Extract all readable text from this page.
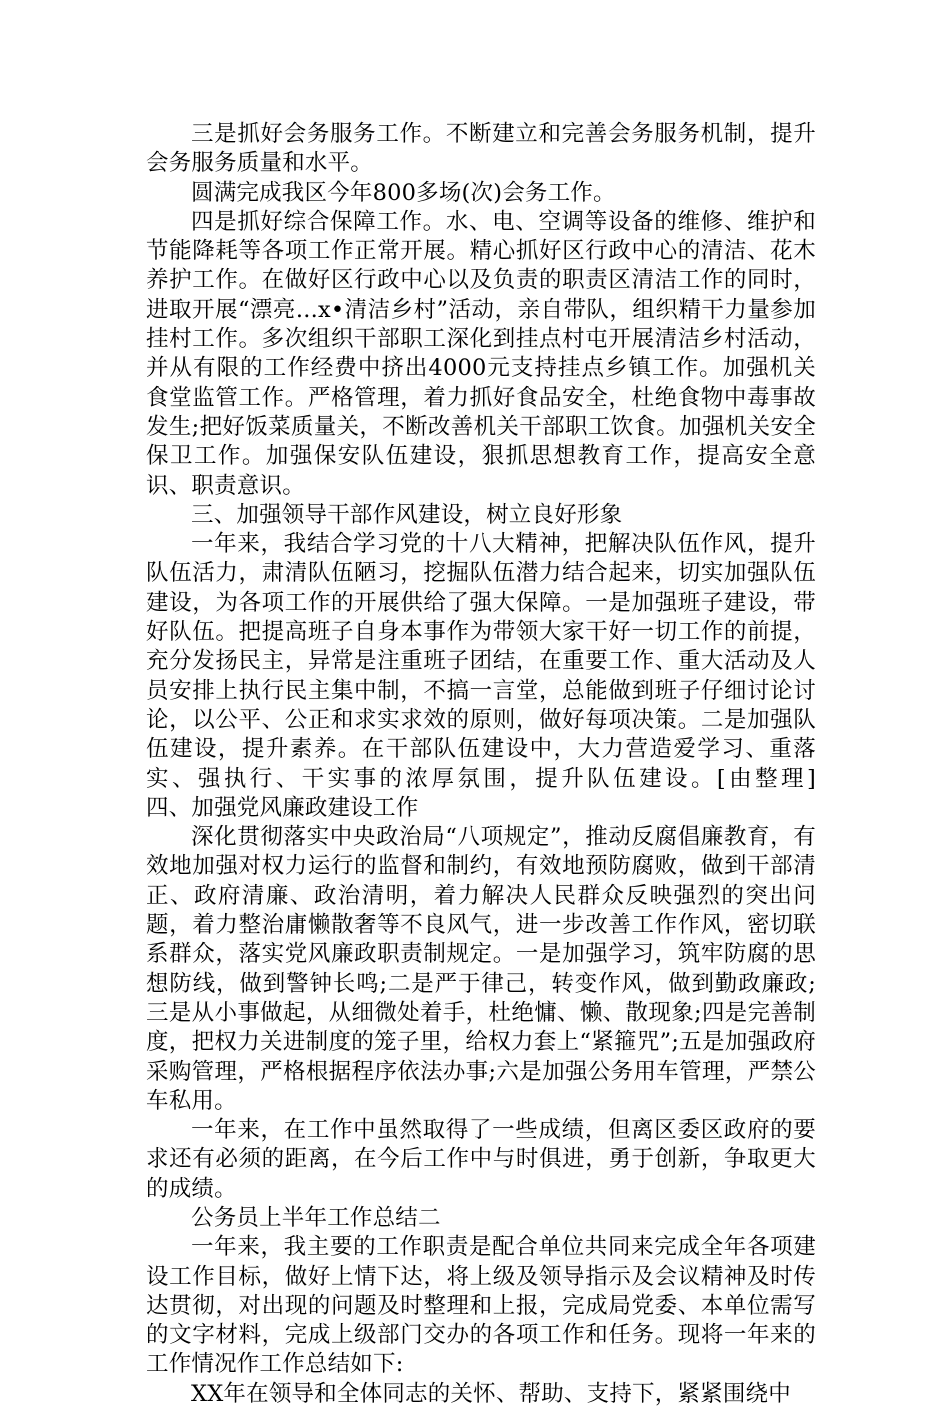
三是抓好会务服务工作。不断建立和完善会务服务机制，提升会务服务质量和水平。

圆满完成我区今年800多场(次)会务工作。

四是抓好综合保障工作。水、电、空调等设备的维修、维护和节能降耗等各项工作正常开展。精心抓好区行政中心的清洁、花木养护工作。在做好区行政中心以及负责的职责区清洁工作的同时，进取开展“漂亮...x•清洁乡村”活动，亲自带队，组织精干力量参加挂村工作。多次组织干部职工深化到挂点村屯开展清洁乡村活动，并从有限的工作经费中挤出4000元支持挂点乡镇工作。加强机关食堂监管工作。严格管理，着力抓好食品安全，杜绝食物中毒事故发生;把好饭菜质量关，不断改善机关干部职工饮食。加强机关安全保卫工作。加强保安队伍建设，狠抓思想教育工作，提高安全意识、职责意识。

三、加强领导干部作风建设，树立良好形象

一年来，我结合学习党的十八大精神，把解决队伍作风，提升队伍活力，肃清队伍陋习，挖掘队伍潜力结合起来，切实加强队伍建设，为各项工作的开展供给了强大保障。一是加强班子建设，带好队伍。把提高班子自身本事作为带领大家干好一切工作的前提，充分发扬民主，异常是注重班子团结，在重要工作、重大活动及人员安排上执行民主集中制，不搞一言堂，总能做到班子仔细讨论讨论，以公平、公正和求实求效的原则，做好每项决策。二是加强队伍建设，提升素养。在干部队伍建设中，大力营造爱学习、重落实、强执行、干实事的浓厚氛围，提升队伍建设。[由整理]　　四、加强党风廉政建设工作

深化贯彻落实中央政治局“八项规定”，推动反腐倡廉教育，有效地加强对权力运行的监督和制约，有效地预防腐败，做到干部清正、政府清廉、政治清明，着力解决人民群众反映强烈的突出问题，着力整治庸懒散奢等不良风气，进一步改善工作作风，密切联系群众，落实党风廉政职责制规定。一是加强学习，筑牢防腐的思想防线，做到警钟长鸣;二是严于律己，转变作风，做到勤政廉政;三是从小事做起，从细微处着手，杜绝慵、懒、散现象;四是完善制度，把权力关进制度的笼子里，给权力套上“紧箍咒”;五是加强政府采购管理，严格根据程序依法办事;六是加强公务用车管理，严禁公车私用。

一年来，在工作中虽然取得了一些成绩，但离区委区政府的要求还有必须的距离，在今后工作中与时俱进，勇于创新，争取更大的成绩。

公务员上半年工作总结二

一年来，我主要的工作职责是配合单位共同来完成全年各项建设工作目标，做好上情下达，将上级及领导指示及会议精神及时传达贯彻，对出现的问题及时整理和上报，完成局党委、本单位需写的文字材料，完成上级部门交办的各项工作和任务。现将一年来的工作情况作工作总结如下:

XX年在领导和全体同志的关怀、帮助、支持下，紧紧围绕中
